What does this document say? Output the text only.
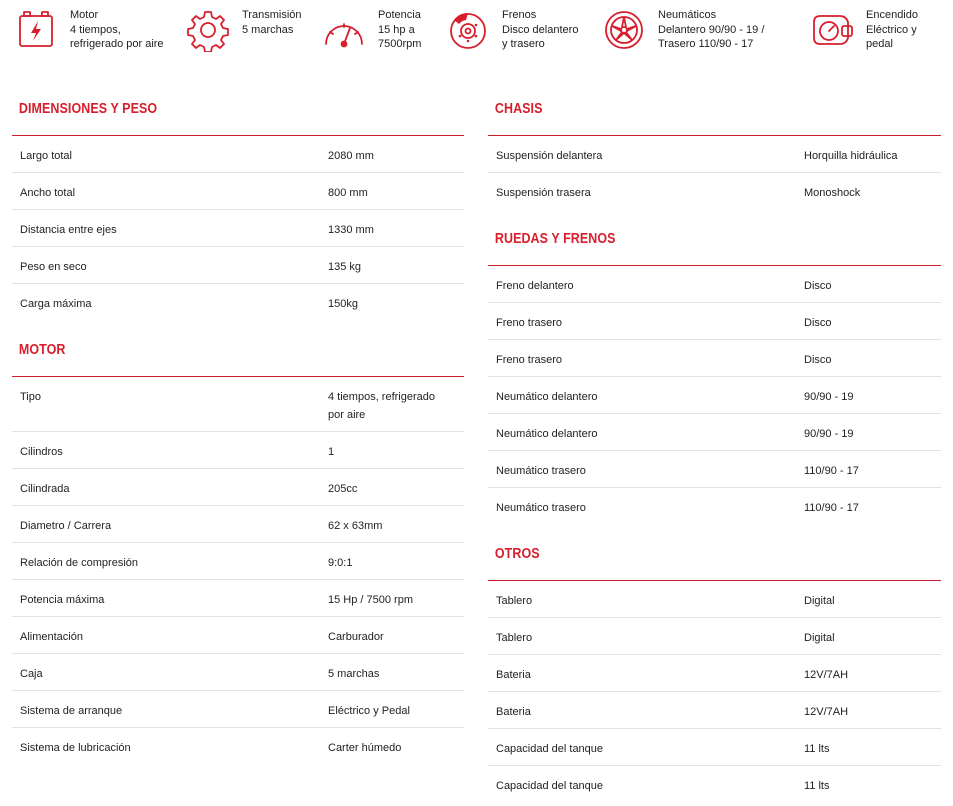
Motor
4 tiempos,
refrigerado por aire
Transmisión
5 marchas
Potencia
15 hp a
7500rpm
Frenos
Disco delantero
y trasero
Neumáticos
Delantero 90/90 - 19 /
Trasero 110/90 - 17
Encendido
Eléctrico y
pedal
DIMENSIONES Y PESO
Largo total	2080 mm
Ancho total	800 mm
Distancia entre ejes	1330 mm
Peso en seco	135 kg
Carga máxima	150kg
MOTOR
Tipo	4 tiempos, refrigerado por aire
Cilindros	1
Cilindrada	205cc
Diametro / Carrera	62 x 63mm
Relación de compresión	9:0:1
Potencia máxima	15 Hp / 7500 rpm
Alimentación	Carburador
Caja	5 marchas
Sistema de arranque	Eléctrico y Pedal
Sistema de lubricación	Carter húmedo
CHASIS
Suspensión delantera	Horquilla hidráulica
Suspensión trasera	Monoshock
RUEDAS Y FRENOS
Freno delantero	Disco
Freno trasero	Disco
Freno trasero	Disco
Neumático delantero	90/90 - 19
Neumático delantero	90/90 - 19
Neumático trasero	110/90 - 17
Neumático trasero	110/90 - 17
OTROS
Tablero	Digital
Tablero	Digital
Bateria	12V/7AH
Bateria	12V/7AH
Capacidad del tanque	11 lts
Capacidad del tanque	11 lts
